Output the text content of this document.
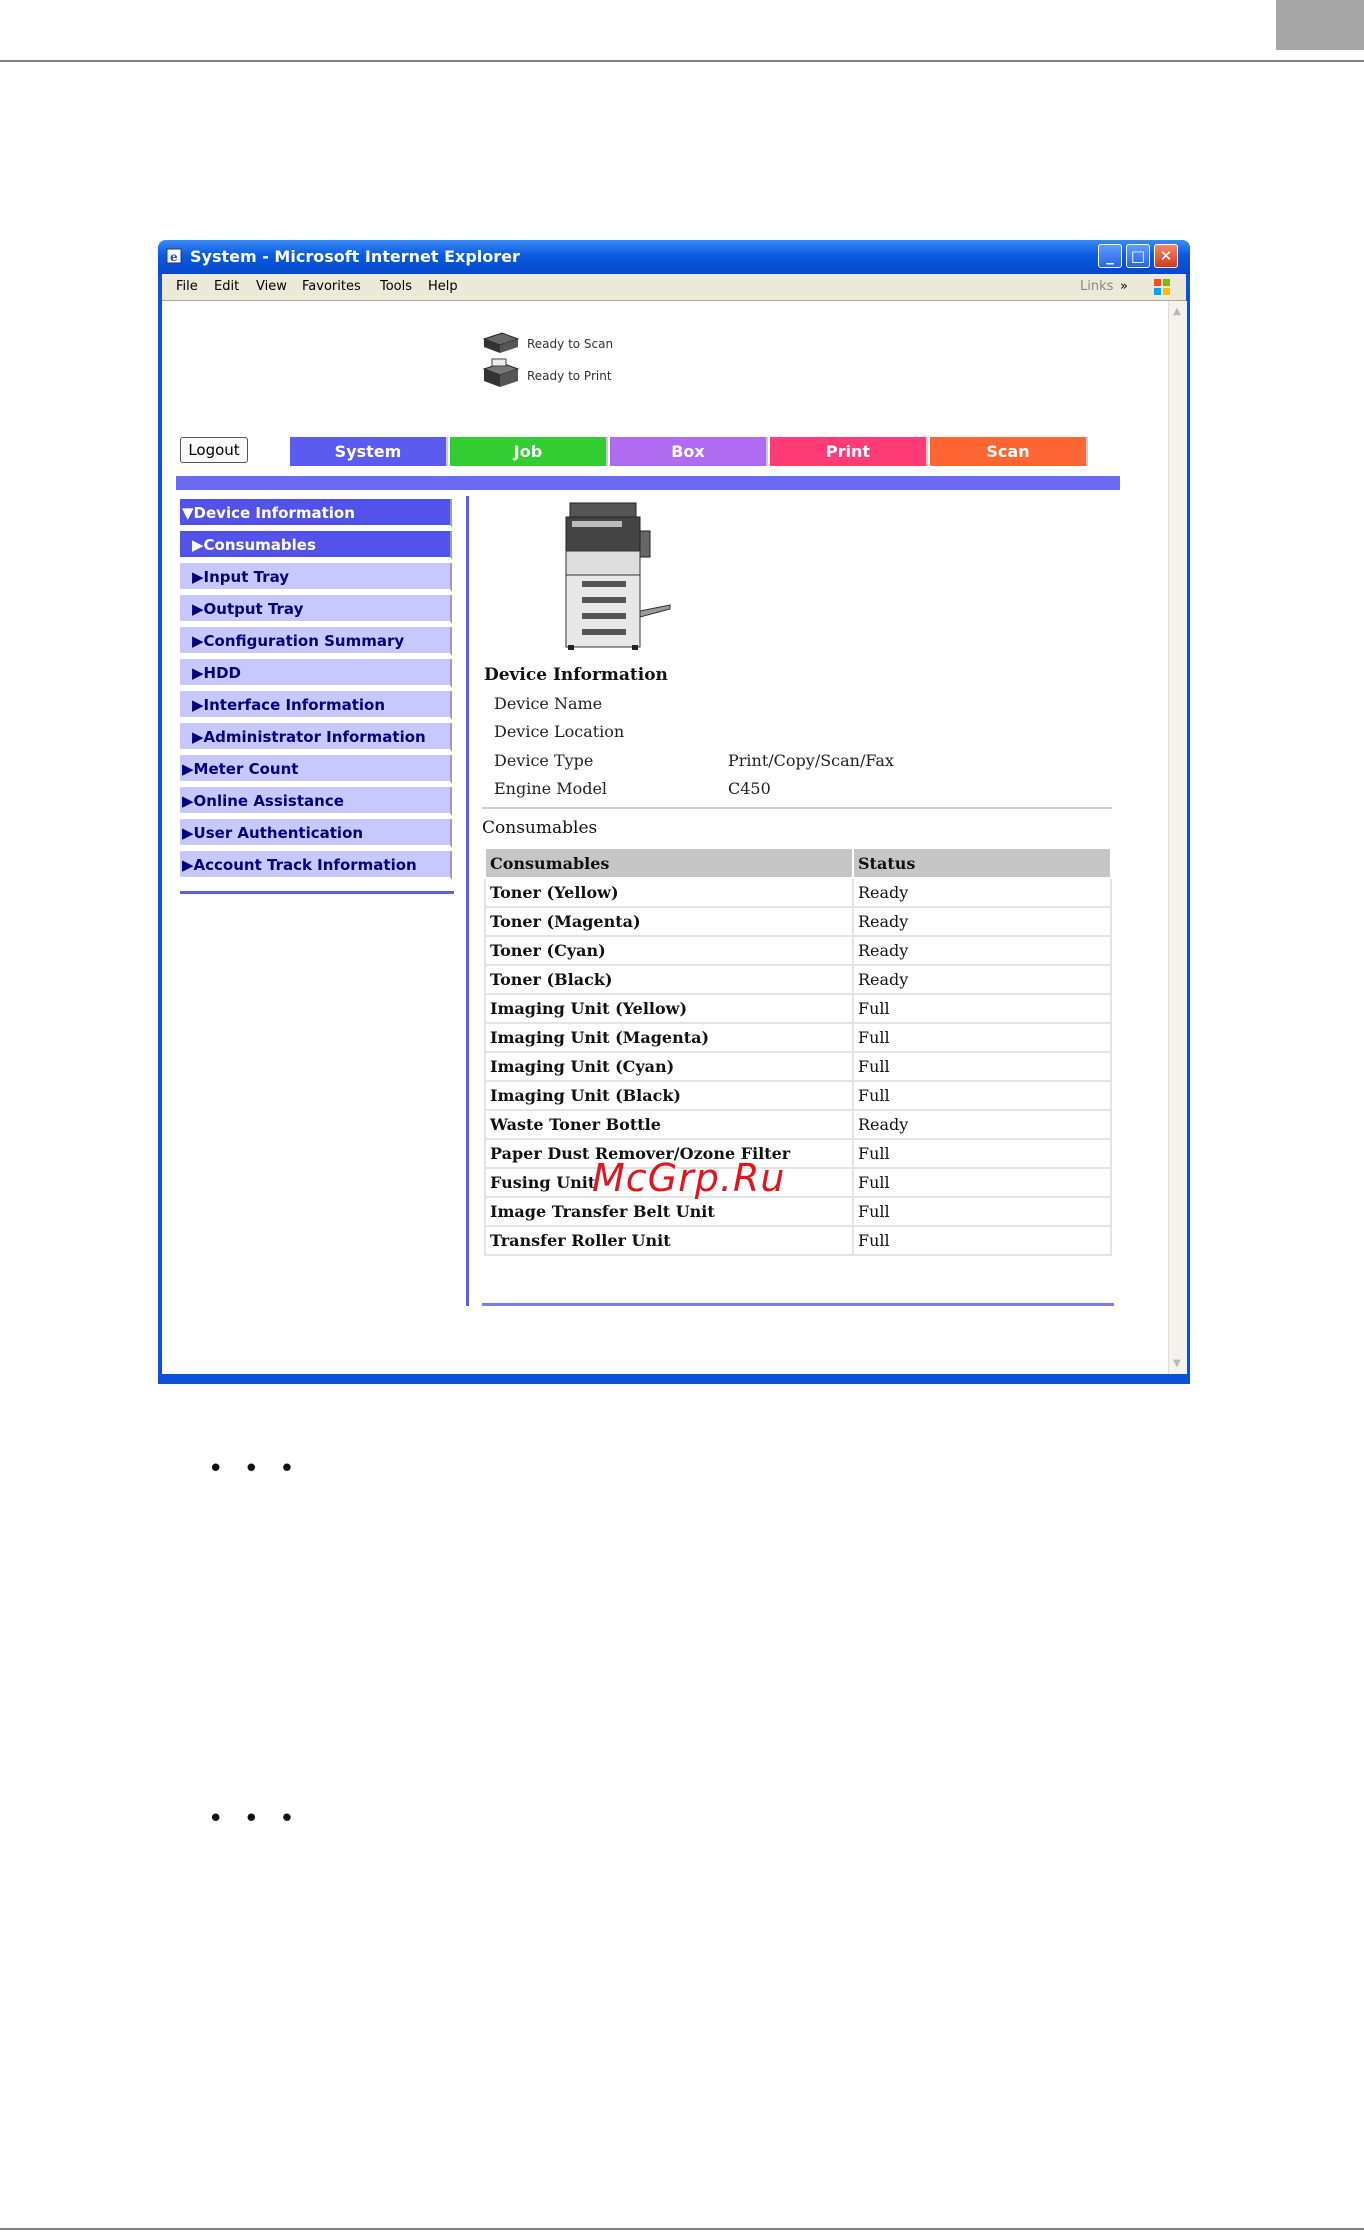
e System - Microsoft Internet Explorer	_	□ ✕
File Edit View Favorites Tools Help	Links »
Ready to Scan
Ready to Print
Logout	System	Job	Box	Print	Scan
▼Device Information
▶Consumables
▶Input Tray
▶Output Tray
▶Configuration Summary
▶HDD
▶Interface Information
▶Administrator Information
▶Meter Count
▶Online Assistance
▶User Authentication
▶Account Track Information
Device Information
Device Name
Device Location
Device Type	Print/Copy/Scan/Fax
Engine Model	C450
Consumables
Consumables	Status
Toner (Yellow)	Ready
Toner (Magenta)	Ready
Toner (Cyan)	Ready
Toner (Black)	Ready
Imaging Unit (Yellow)	Full
Imaging Unit (Magenta)	Full
Imaging Unit (Cyan)	Full
Imaging Unit (Black)	Full
Waste Toner Bottle	Ready
Paper Dust Remover/Ozone Filter	Full
Fusing Unit	Full
Image Transfer Belt Unit	Full
Transfer Roller Unit	Full
McGrp.Ru
▲
▼
• • •
• • •
